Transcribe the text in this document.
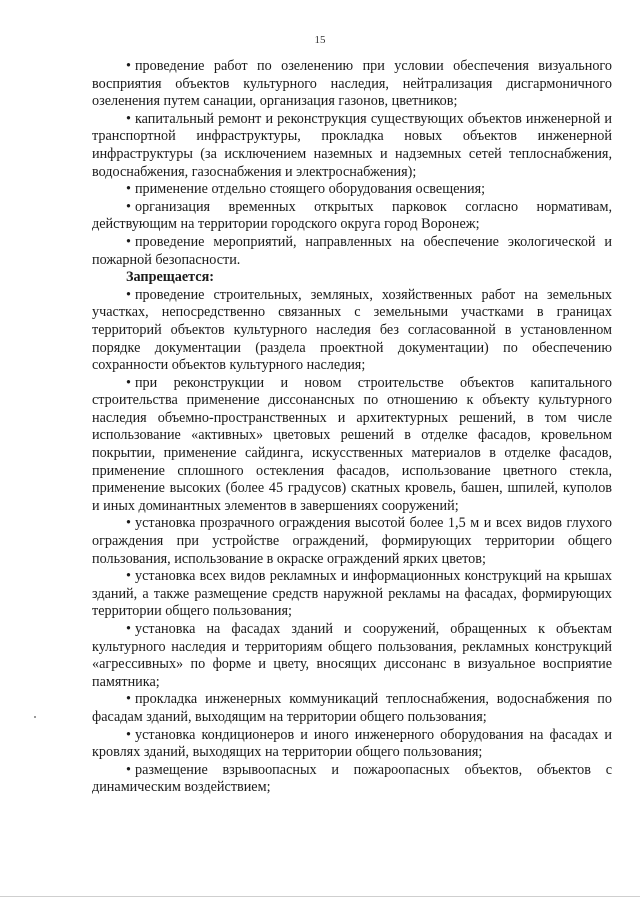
15

• проведение работ по озеленению при условии обеспечения визуального восприятия объектов культурного наследия, нейтрализация дисгармоничного озеленения путем санации, организация газонов, цветников;

• капитальный ремонт и реконструкция существующих объектов инженерной и транспортной инфраструктуры, прокладка новых объектов инженерной инфраструктуры (за исключением наземных и надземных сетей теплоснабжения, водоснабжения, газоснабжения и электроснабжения);

• применение отдельно стоящего оборудования освещения;

• организация временных открытых парковок согласно нормативам, действующим на территории городского округа город Воронеж;

• проведение мероприятий, направленных на обеспечение экологической и пожарной безопасности.

Запрещается:

• проведение строительных, земляных, хозяйственных работ на земельных участках, непосредственно связанных с земельными участками в границах территорий объектов культурного наследия без согласованной в установленном порядке документации (раздела проектной документации) по обеспечению сохранности объектов культурного наследия;

• при реконструкции и новом строительстве объектов капитального строительства применение диссонансных по отношению к объекту культурного наследия объемно-пространственных и архитектурных решений, в том числе использование «активных» цветовых решений в отделке фасадов, кровельном покрытии, применение сайдинга, искусственных материалов в отделке фасадов, применение сплошного остекления фасадов, использование цветного стекла, применение высоких (более 45 градусов) скатных кровель, башен, шпилей, куполов и иных доминантных элементов в завершениях сооружений;

• установка прозрачного ограждения высотой более 1,5 м и всех видов глухого ограждения при устройстве ограждений, формирующих территории общего пользования, использование в окраске ограждений ярких цветов;

• установка всех видов рекламных и информационных конструкций на крышах зданий, а также размещение средств наружной рекламы на фасадах, формирующих территории общего пользования;

• установка на фасадах зданий и сооружений, обращенных к объектам культурного наследия и территориям общего пользования, рекламных конструкций «агрессивных» по форме и цвету, вносящих диссонанс в визуальное восприятие памятника;

• прокладка инженерных коммуникаций теплоснабжения, водоснабжения по фасадам зданий, выходящим на территории общего пользования;

• установка кондиционеров и иного инженерного оборудования на фасадах и кровлях зданий, выходящих на территории общего пользования;

• размещение взрывоопасных и пожароопасных объектов, объектов с динамическим воздействием;
